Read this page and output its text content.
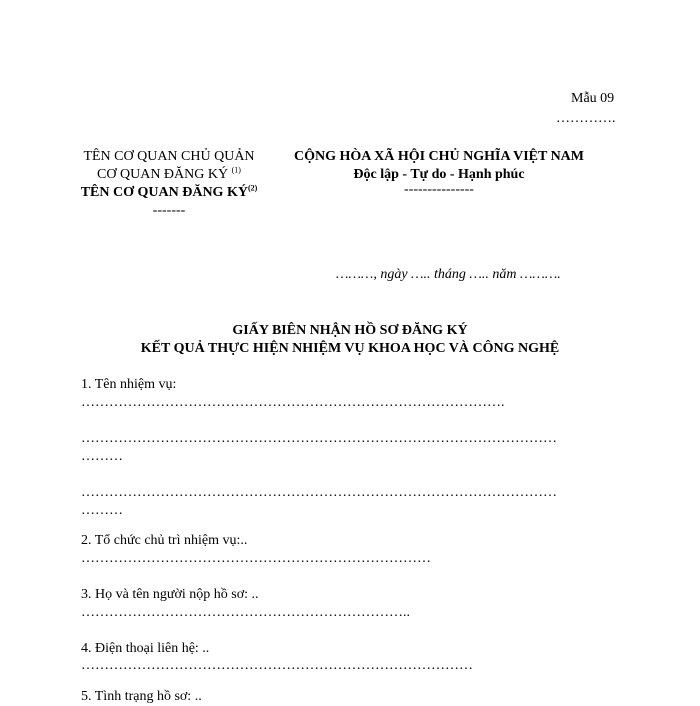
Mẫu 09
………….
TÊN CƠ QUAN CHỦ QUẢN
CƠ QUAN ĐĂNG KÝ $^{(1)}$
TÊN CƠ QUAN ĐĂNG KÝ$^{(2)}$
-------
CỘNG HÒA XÃ HỘI CHỦ NGHĨA VIỆT NAM
Độc lập - Tự do - Hạnh phúc
---------------
………, ngày ….. tháng ….. năm ……….
GIẤY BIÊN NHẬN HỒ SƠ ĐĂNG KÝ
KẾT QUẢ THỰC HIỆN NHIỆM VỤ KHOA HỌC VÀ CÔNG NGHỆ
1. Tên nhiệm vụ:
……………………………………………………………………………….
…………………………………………………………………………………………
………
…………………………………………………………………………………………
………
2. Tổ chức chủ trì nhiệm vụ:..
…………………………………………………………………
3. Họ và tên người nộp hồ sơ: ..
……………………………………………………………..
4. Điện thoại liên hệ: ..
…………………………………………………………………………
5. Tình trạng hồ sơ: ..
